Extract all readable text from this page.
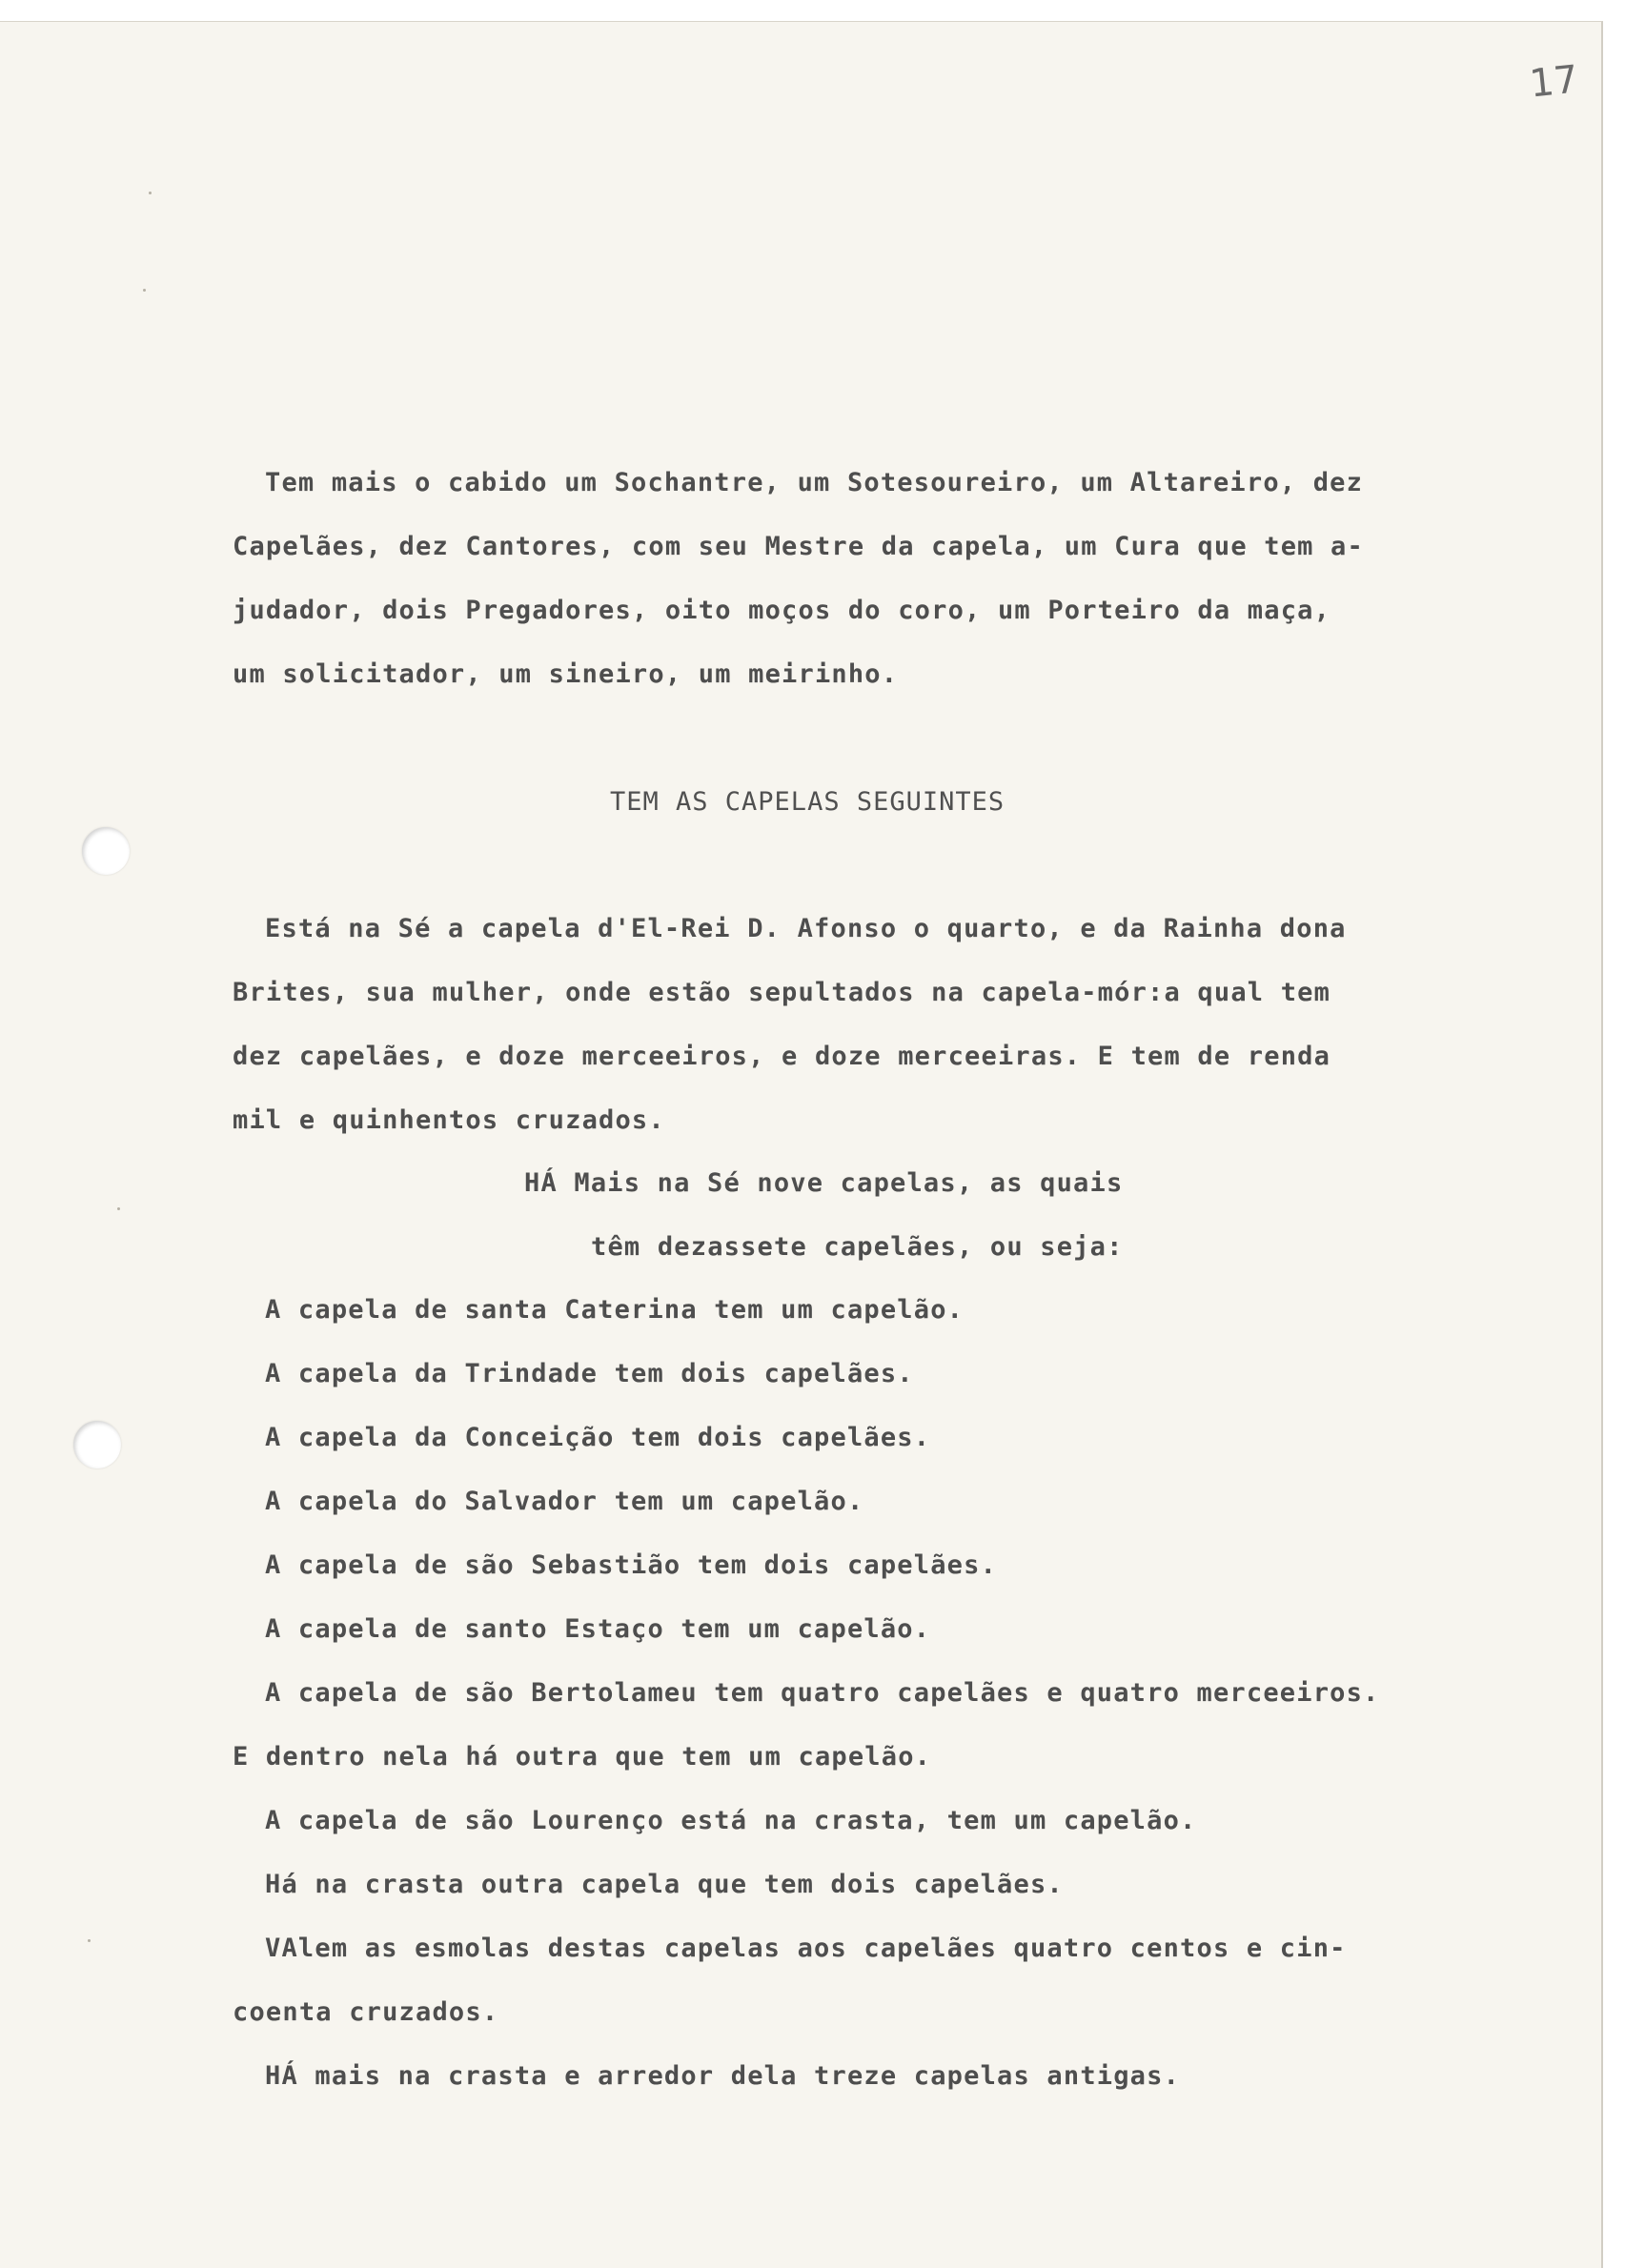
17

Tem mais o cabido um Sochantre, um Sotesoureiro, um Altareiro, dez

Capelães, dez Cantores, com seu Mestre da capela, um Cura que tem a-

judador, dois Pregadores, oito moços do coro, um Porteiro da maça,

um solicitador, um sineiro, um meirinho.

TEM AS CAPELAS SEGUINTES

Está na Sé a capela d'El-Rei D. Afonso o quarto, e da Rainha dona

Brites, sua mulher, onde estão sepultados na capela-mór:a qual tem

dez capelães, e doze merceeiros, e doze merceeiras. E tem de renda

mil e quinhentos cruzados.

HÁ Mais na Sé nove capelas, as quais

têm dezassete capelães, ou seja:

A capela de santa Caterina tem um capelão.

A capela da Trindade tem dois capelães.

A capela da Conceição tem dois capelães.

A capela do Salvador tem um capelão.

A capela de são Sebastião tem dois capelães.

A capela de santo Estaço tem um capelão.

A capela de são Bertolameu tem quatro capelães e quatro merceeiros.

E dentro nela há outra que tem um capelão.

A capela de são Lourenço está na crasta, tem um capelão.

Há na crasta outra capela que tem dois capelães.

VAlem as esmolas destas capelas aos capelães quatro centos e cin-

coenta cruzados.

HÁ mais na crasta e arredor dela treze capelas antigas.
